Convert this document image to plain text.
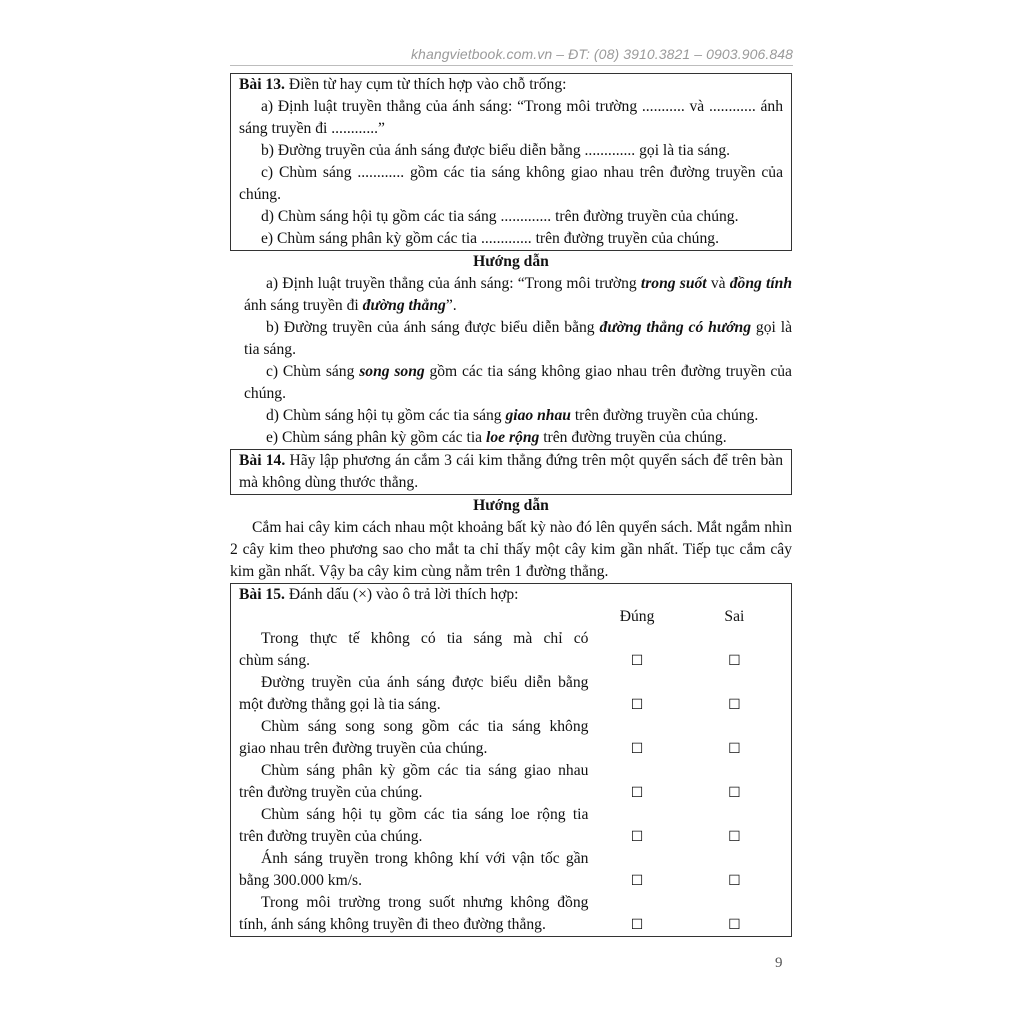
khangvietbook.com.vn – ĐT: (08) 3910.3821 – 0903.906.848

Bài 13. Điền từ hay cụm từ thích hợp vào chỗ trống:

a) Định luật truyền thẳng của ánh sáng: “Trong môi trường ........... và ............ ánh sáng truyền đi ............”

b) Đường truyền của ánh sáng được biểu diễn bằng ............. gọi là tia sáng.

c) Chùm sáng ............ gồm các tia sáng không giao nhau trên đường truyền của chúng.

d) Chùm sáng hội tụ gồm các tia sáng ............. trên đường truyền của chúng.

e) Chùm sáng phân kỳ gồm các tia ............. trên đường truyền của chúng.

Hướng dẫn

a) Định luật truyền thẳng của ánh sáng: “Trong môi trường trong suốt và đồng tính ánh sáng truyền đi đường thẳng”.

b) Đường truyền của ánh sáng được biểu diễn bằng đường thẳng có hướng gọi là tia sáng.

c) Chùm sáng song song gồm các tia sáng không giao nhau trên đường truyền của chúng.

d) Chùm sáng hội tụ gồm các tia sáng giao nhau trên đường truyền của chúng.

e) Chùm sáng phân kỳ gồm các tia loe rộng trên đường truyền của chúng.

Bài 14. Hãy lập phương án cắm 3 cái kim thẳng đứng trên một quyển sách để trên bàn mà không dùng thước thẳng.

Hướng dẫn

Cắm hai cây kim cách nhau một khoảng bất kỳ nào đó lên quyển sách. Mắt ngắm nhìn 2 cây kim theo phương sao cho mắt ta chỉ thấy một cây kim gần nhất. Tiếp tục cắm cây kim gần nhất. Vậy ba cây kim cùng nằm trên 1 đường thẳng.

Bài 15. Đánh dấu (×) vào ô trả lời thích hợp:

Đúng	Sai

Trong thực tế không có tia sáng mà chỉ có

chùm sáng.	☐	☐

Đường truyền của ánh sáng được biểu diễn bằng

một đường thẳng gọi là tia sáng.	☐	☐

Chùm sáng song song gồm các tia sáng không

giao nhau trên đường truyền của chúng.	☐	☐

Chùm sáng phân kỳ gồm các tia sáng giao nhau

trên đường truyền của chúng.	☐	☐

Chùm sáng hội tụ gồm các tia sáng loe rộng tia

trên đường truyền của chúng.	☐	☐

Ánh sáng truyền trong không khí với vận tốc gần

bằng 300.000 km/s.	☐	☐

Trong môi trường trong suốt nhưng không đồng

tính, ánh sáng không truyền đi theo đường thẳng.	☐	☐
9
